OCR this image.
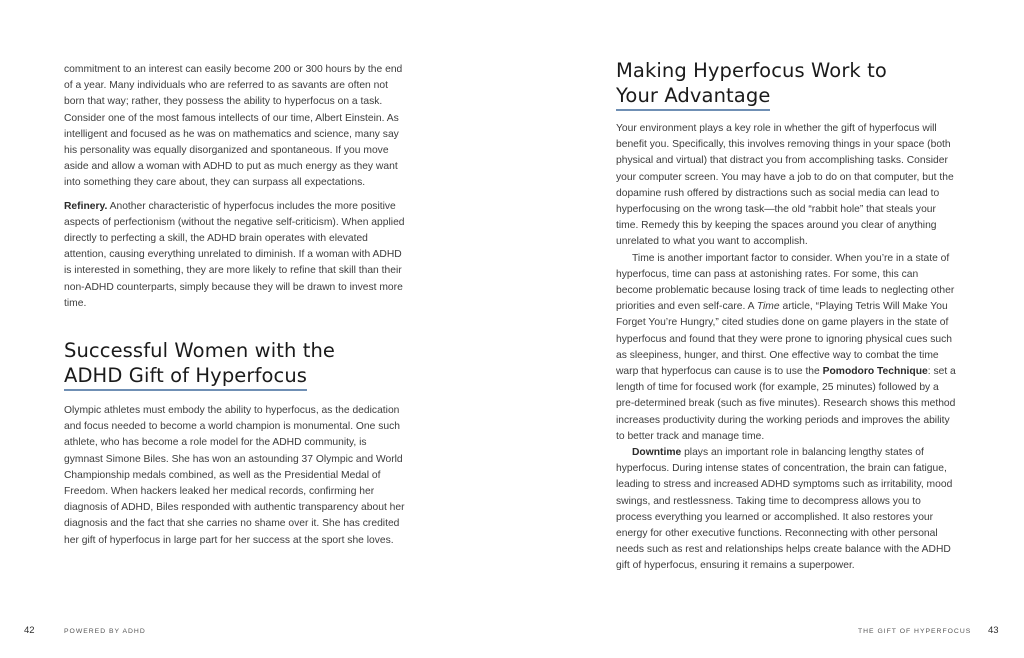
commitment to an interest can easily become 200 or 300 hours by the end of a year. Many individuals who are referred to as savants are often not born that way; rather, they possess the ability to hyperfocus on a task. Consider one of the most famous intellects of our time, Albert Einstein. As intelligent and focused as he was on mathematics and science, many say his personality was equally disorganized and spontaneous. If you move aside and allow a woman with ADHD to put as much energy as they want into something they care about, they can surpass all expectations.

Refinery. Another characteristic of hyperfocus includes the more positive aspects of perfectionism (without the negative self-criticism). When applied directly to perfecting a skill, the ADHD brain operates with elevated attention, causing everything unrelated to diminish. If a woman with ADHD is interested in something, they are more likely to refine that skill than their non-ADHD counterparts, simply because they will be drawn to invest more time.

Successful Women with the
ADHD Gift of Hyperfocus

Olympic athletes must embody the ability to hyperfocus, as the dedication and focus needed to become a world champion is monumental. One such athlete, who has become a role model for the ADHD community, is gymnast Simone Biles. She has won an astounding 37 Olympic and World Championship medals combined, as well as the Presidential Medal of Freedom. When hackers leaked her medical records, confirming her diagnosis of ADHD, Biles responded with authentic transparency about her diagnosis and the fact that she carries no shame over it. She has credited her gift of hyperfocus in large part for her success at the sport she loves.

42	POWERED BY ADHD
Making Hyperfocus Work to
Your Advantage

Your environment plays a key role in whether the gift of hyperfocus will benefit you. Specifically, this involves removing things in your space (both physical and virtual) that distract you from accomplishing tasks. Consider your computer screen. You may have a job to do on that computer, but the dopamine rush offered by distractions such as social media can lead to hyperfocusing on the wrong task—the old “rabbit hole” that steals your time. Remedy this by keeping the spaces around you clear of anything unrelated to what you want to accomplish.

Time is another important factor to consider. When you’re in a state of hyperfocus, time can pass at astonishing rates. For some, this can become problematic because losing track of time leads to neglecting other priorities and even self-care. A Time article, “Playing Tetris Will Make You Forget You’re Hungry,” cited studies done on game players in the state of hyperfocus and found that they were prone to ignoring physical cues such as sleepiness, hunger, and thirst. One effective way to combat the time warp that hyperfocus can cause is to use the Pomodoro Technique: set a length of time for focused work (for example, 25 minutes) followed by a pre-determined break (such as five minutes). Research shows this method increases productivity during the working periods and improves the ability to better track and manage time.

Downtime plays an important role in balancing lengthy states of hyperfocus. During intense states of concentration, the brain can fatigue, leading to stress and increased ADHD symptoms such as irritability, mood swings, and restlessness. Taking time to decompress allows you to process everything you learned or accomplished. It also restores your energy for other executive functions. Reconnecting with other personal needs such as rest and relationships helps create balance with the ADHD gift of hyperfocus, ensuring it remains a superpower.

THE GIFT OF HYPERFOCUS 43
